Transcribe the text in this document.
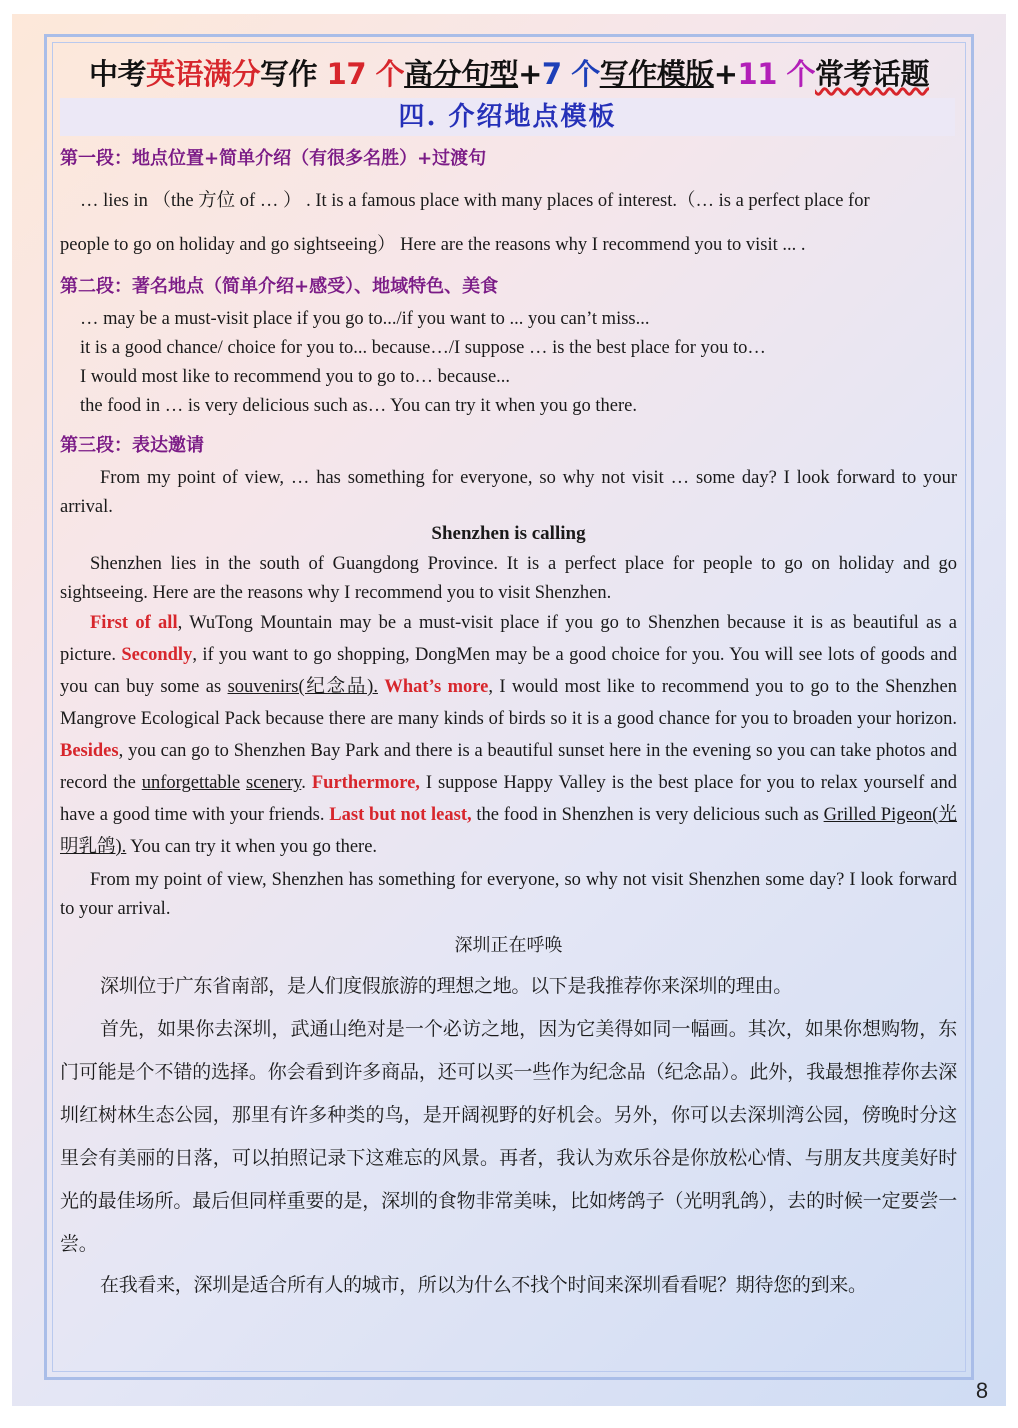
中考英语满分写作 17 个高分句型+7 个写作模版+11 个常考话题
四. 介绍地点模板
第一段：地点位置+简单介绍（有很多名胜）+过渡句
… lies in （the 方位 of … ） . It is a famous place with many places of interest.（… is a perfect place for
people to go on holiday and go sightseeing） Here are the reasons why I recommend you to visit ... .
第二段：著名地点（简单介绍+感受）、地域特色、美食
… may be a must-visit place if you go to.../if you want to ... you can’t miss...
it is a good chance/ choice for you to... because…/I suppose … is the best place for you to…
I would most like to recommend you to go to… because...
the food in … is very delicious such as… You can try it when you go there.
第三段：表达邀请

From my point of view, … has something for everyone, so why not visit … some day? I look forward to your arrival.

Shenzhen is calling

Shenzhen lies in the south of Guangdong Province. It is a perfect place for people to go on holiday and go sightseeing. Here are the reasons why I recommend you to visit Shenzhen.

First of all, WuTong Mountain may be a must-visit place if you go to Shenzhen because it is as beautiful as a picture. Secondly, if you want to go shopping, DongMen may be a good choice for you. You will see lots of goods and you can buy some as souvenirs(纪念品). What’s more, I would most like to recommend you to go to the Shenzhen Mangrove Ecological Pack because there are many kinds of birds so it is a good chance for you to broaden your horizon. Besides, you can go to Shenzhen Bay Park and there is a beautiful sunset here in the evening so you can take photos and record the unforgettable scenery. Furthermore, I suppose Happy Valley is the best place for you to relax yourself and have a good time with your friends. Last but not least, the food in Shenzhen is very delicious such as Grilled Pigeon(光明乳鸽). You can try it when you go there.

From my point of view, Shenzhen has something for everyone, so why not visit Shenzhen some day? I look forward to your arrival.

深圳正在呼唤

深圳位于广东省南部，是人们度假旅游的理想之地。以下是我推荐你来深圳的理由。

首先，如果你去深圳，武通山绝对是一个必访之地，因为它美得如同一幅画。其次，如果你想购物，东门可能是个不错的选择。你会看到许多商品，还可以买一些作为纪念品（纪念品）。此外，我最想推荐你去深圳红树林生态公园，那里有许多种类的鸟，是开阔视野的好机会。另外，你可以去深圳湾公园，傍晚时分这里会有美丽的日落，可以拍照记录下这难忘的风景。再者，我认为欢乐谷是你放松心情、与朋友共度美好时光的最佳场所。最后但同样重要的是，深圳的食物非常美味，比如烤鸽子（光明乳鸽），去的时候一定要尝一尝。

在我看来，深圳是适合所有人的城市，所以为什么不找个时间来深圳看看呢？期待您的到来。

8
